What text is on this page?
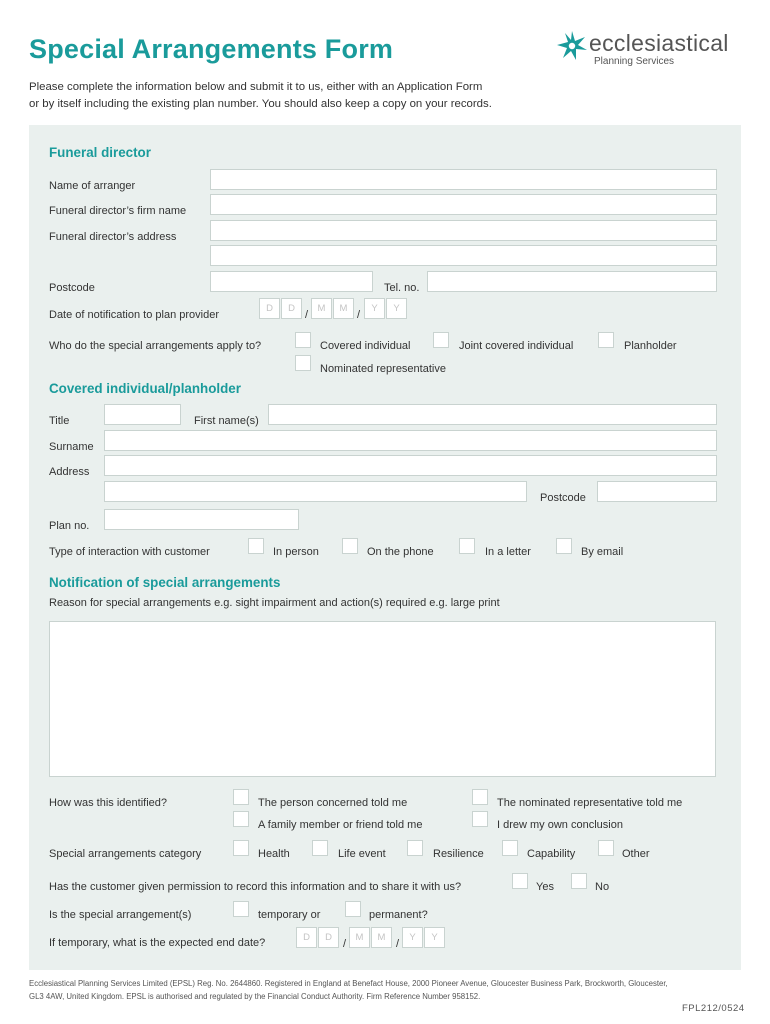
Special Arrangements Form
Please complete the information below and submit it to us, either with an Application Form
or by itself including the existing plan number. You should also keep a copy on your records.
ecclesiastical
Planning Services
Funeral director
Name of arranger
Funeral director’s firm name
Funeral director’s address
Postcode	Tel. no.
Date of notification to plan provider
D	D
/
M	M
/
Y	Y
Who do the special arrangements apply to?	Covered individual	Joint covered individual	Planholder
Nominated representative
Covered individual/planholder
Title	First name(s)
Surname
Address
Postcode
Plan no.
Type of interaction with customer	In person	On the phone	In a letter	By email
Notification of special arrangements
Reason for special arrangements e.g. sight impairment and action(s) required e.g. large print
How was this identified?	The person concerned told me	The nominated representative told me
A family member or friend told me	I drew my own conclusion
Special arrangements category	Health	Life event	Resilience	Capability	Other
Has the customer given permission to record this information and to share it with us?	Yes	No
Is the special arrangement(s)	temporary or	permanent?
If temporary, what is the expected end date?	D	D
/
M	M
/
Y	Y
Ecclesiastical Planning Services Limited (EPSL) Reg. No. 2644860. Registered in England at Benefact House, 2000 Pioneer Avenue, Gloucester Business Park, Brockworth, Gloucester,
GL3 4AW, United Kingdom. EPSL is authorised and regulated by the Financial Conduct Authority. Firm Reference Number 958152.
FPL212/0524
